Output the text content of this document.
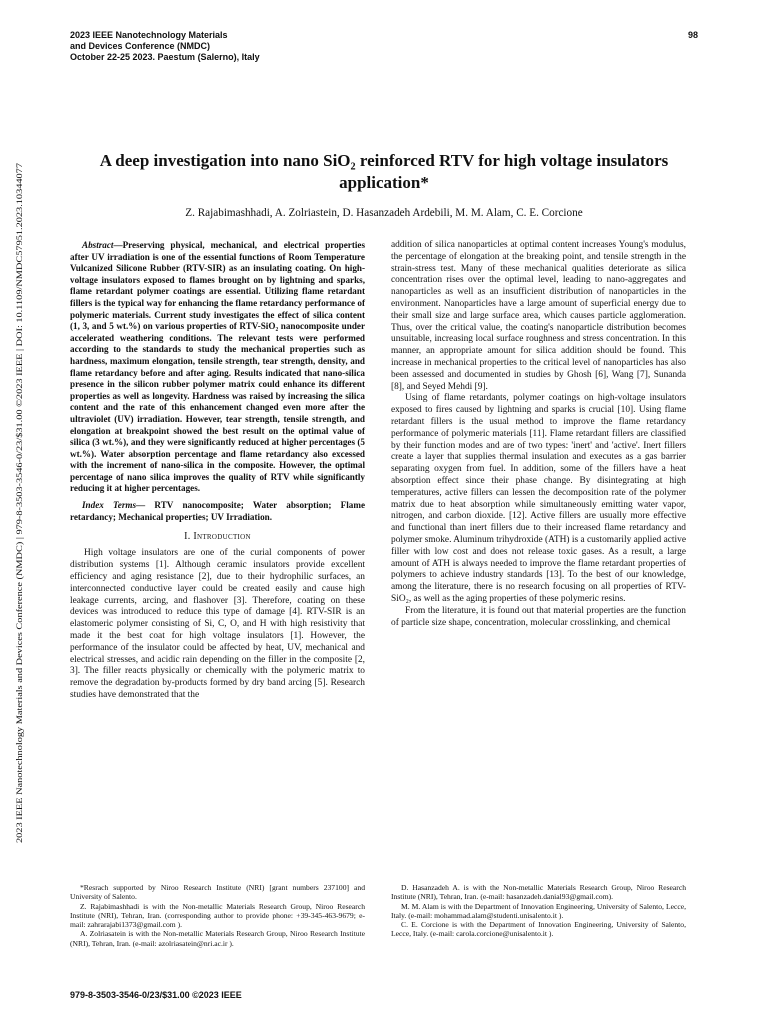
2023 IEEE Nanotechnology Materials
and Devices Conference (NMDC)
October 22-25 2023. Paestum (Salerno), Italy
98
2023 IEEE Nanotechnology Materials and Devices Conference (NMDC) | 979-8-3503-3546-0/23/$31.00 ©2023 IEEE | DOI: 10.1109/NMDC57951.2023.10344077
A deep investigation into nano SiO₂ reinforced RTV for high voltage insulators application*
Z. Rajabimashhadi, A. Zolriastein, D. Hasanzadeh Ardebili, M. M. Alam, C. E. Corcione

Abstract—Preserving physical, mechanical, and electrical properties after UV irradiation is one of the essential functions of Room Temperature Vulcanized Silicone Rubber (RTV-SIR) as an insulating coating. On high-voltage insulators exposed to flames brought on by lightning and sparks, flame retardant polymer coatings are essential. Utilizing flame retardant fillers is the typical way for enhancing the flame retardancy performance of polymeric materials. Current study investigates the effect of silica content (1, 3, and 5 wt.%) on various properties of RTV-SiO₂ nanocomposite under accelerated weathering conditions. The relevant tests were performed according to the standards to study the mechanical properties such as hardness, maximum elongation, tensile strength, tear strength, density, and flame retardancy before and after aging. Results indicated that nano-silica presence in the silicon rubber polymer matrix could enhance its different properties as well as longevity. Hardness was raised by increasing the silica content and the rate of this enhancement changed even more after the ultraviolet (UV) irradiation. However, tear strength, tensile strength, and elongation at breakpoint showed the best result on the optimal value of silica (3 wt.%), and they were significantly reduced at higher percentages (5 wt.%). Water absorption percentage and flame retardancy also excessed with the increment of nano-silica in the composite. However, the optimal percentage of nano silica improves the quality of RTV while significantly reducing it at higher percentages.

Index Terms— RTV nanocomposite; Water absorption; Flame retardancy; Mechanical properties; UV Irradiation.

I. Introduction

High voltage insulators are one of the curial components of power distribution systems [1]. Although ceramic insulators provide excellent efficiency and aging resistance [2], due to their hydrophilic surfaces, an interconnected conductive layer could be created easily and cause high leakage currents, arcing, and flashover [3]. Therefore, coating on these devices was introduced to reduce this type of damage [4]. RTV-SIR is an elastomeric polymer consisting of Si, C, O, and H with high resistivity that made it the best coat for high voltage insulators [1]. However, the performance of the insulator could be affected by heat, UV, mechanical and electrical stresses, and acidic rain depending on the filler in the composite [2, 3]. The filler reacts physically or chemically with the polymeric matrix to remove the degradation by-products formed by dry band arcing [5]. Research studies have demonstrated that the

addition of silica nanoparticles at optimal content increases Young's modulus, the percentage of elongation at the breaking point, and tensile strength in the strain-stress test. Many of these mechanical qualities deteriorate as silica concentration rises over the optimal level, leading to nano-aggregates and nanoparticles as well as an insufficient distribution of nanoparticles in the environment. Nanoparticles have a large amount of superficial energy due to their small size and large surface area, which causes particle agglomeration. Thus, over the critical value, the coating's nanoparticle distribution becomes unsuitable, increasing local surface roughness and stress concentration. In this manner, an appropriate amount for silica addition should be found. This increase in mechanical properties to the critical level of nanoparticles has also been assessed and documented in studies by Ghosh [6], Wang [7], Sunanda [8], and Seyed Mehdi [9].

Using of flame retardants, polymer coatings on high-voltage insulators exposed to fires caused by lightning and sparks is crucial [10]. Using flame retardant fillers is the usual method to improve the flame retardancy performance of polymeric materials [11]. Flame retardant fillers are classified by their function modes and are of two types: 'inert' and 'active'. Inert fillers create a layer that supplies thermal insulation and executes as a gas barrier separating oxygen from fuel. In addition, some of the fillers have a heat absorption effect since their phase change. By disintegrating at high temperatures, active fillers can lessen the decomposition rate of the polymer matrix due to heat absorption while simultaneously emitting water vapor, nitrogen, and carbon dioxide. [12]. Active fillers are usually more effective and functional than inert fillers due to their increased flame retardancy and polymer smoke. Aluminum trihydroxide (ATH) is a customarily applied active filler with low cost and does not release toxic gases. As a result, a large amount of ATH is always needed to improve the flame retardant properties of polymers to achieve industry standards [13]. To the best of our knowledge, among the literature, there is no research focusing on all properties of RTV-SiO₂, as well as the aging properties of these polymeric resins.

From the literature, it is found out that material properties are the function of particle size shape, concentration, molecular crosslinking, and chemical

*Resrach supported by Niroo Research Institute (NRI) [grant numbers 237100] and University of Salento.

Z. Rajabimashhadi is with the Non-metallic Materials Research Group, Niroo Research Institute (NRI), Tehran, Iran. (corresponding author to provide phone: +39-345-463-9679; e-mail: zahrarajabi1373@gmail.com ).

A. Zolriasatein is with the Non-metallic Materials Research Group, Niroo Research Institute (NRI), Tehran, Iran. (e-mail: azolriasatein@nri.ac.ir ).

D. Hasanzadeh A. is with the Non-metallic Materials Research Group, Niroo Research Institute (NRI), Tehran, Iran. (e-mail: hasanzadeh.danial93@gmail.com).

M. M. Alam is with the Department of Innovation Engineering, University of Salento, Lecce, Italy. (e-mail: mohammad.alam@studenti.unisalento.it ).

C. E. Corcione is with the Department of Innovation Engineering, University of Salento, Lecce, Italy. (e-mail: carola.corcione@unisalento.it ).

979-8-3503-3546-0/23/$31.00 ©2023 IEEE
